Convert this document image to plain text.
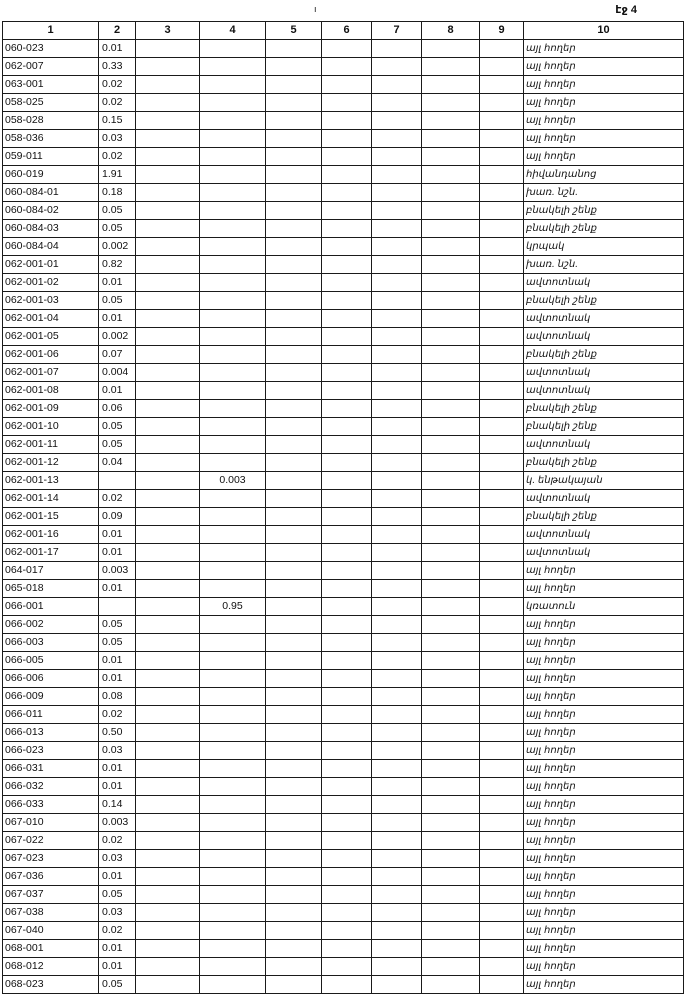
ı	էջ 4
1	2	3	4	5	6	7	8	9	10
060-023	0.01								այլ հողեր
062-007	0.33								այլ հողեր
063-001	0.02								այլ հողեր
058-025	0.02								այլ հողեր
058-028	0.15								այլ հողեր
058-036	0.03								այլ հողեր
059-011	0.02								այլ հողեր
060-019	1.91								հիվանդանոց
060-084-01	0.18								խառ. նշն.
060-084-02	0.05								բնակելի շենք
060-084-03	0.05								բնակելի շենք
060-084-04	0.002								կրպակ
062-001-01	0.82								խառ. նշն.
062-001-02	0.01								ավտոտնակ
062-001-03	0.05								բնակելի շենք
062-001-04	0.01								ավտոտնակ
062-001-05	0.002								ավտոտնակ
062-001-06	0.07								բնակելի շենք
062-001-07	0.004								ավտոտնակ
062-001-08	0.01								ավտոտնակ
062-001-09	0.06								բնակելի շենք
062-001-10	0.05								բնակելի շենք
062-001-11	0.05								ավտոտնակ
062-001-12	0.04								բնակելի շենք
062-001-13			0.003						կ. ենթակայան
062-001-14	0.02								ավտոտնակ
062-001-15	0.09								բնակելի շենք
062-001-16	0.01								ավտոտնակ
062-001-17	0.01								ավտոտնակ
064-017	0.003								այլ հողեր
065-018	0.01								այլ հողեր
066-001			0.95						կռատուն
066-002	0.05								այլ հողեր
066-003	0.05								այլ հողեր
066-005	0.01								այլ հողեր
066-006	0.01								այլ հողեր
066-009	0.08								այլ հողեր
066-011	0.02								այլ հողեր
066-013	0.50								այլ հողեր
066-023	0.03								այլ հողեր
066-031	0.01								այլ հողեր
066-032	0.01								այլ հողեր
066-033	0.14								այլ հողեր
067-010	0.003								այլ հողեր
067-022	0.02								այլ հողեր
067-023	0.03								այլ հողեր
067-036	0.01								այլ հողեր
067-037	0.05								այլ հողեր
067-038	0.03								այլ հողեր
067-040	0.02								այլ հողեր
068-001	0.01								այլ հողեր
068-012	0.01								այլ հողեր
068-023	0.05								այլ հողեր
